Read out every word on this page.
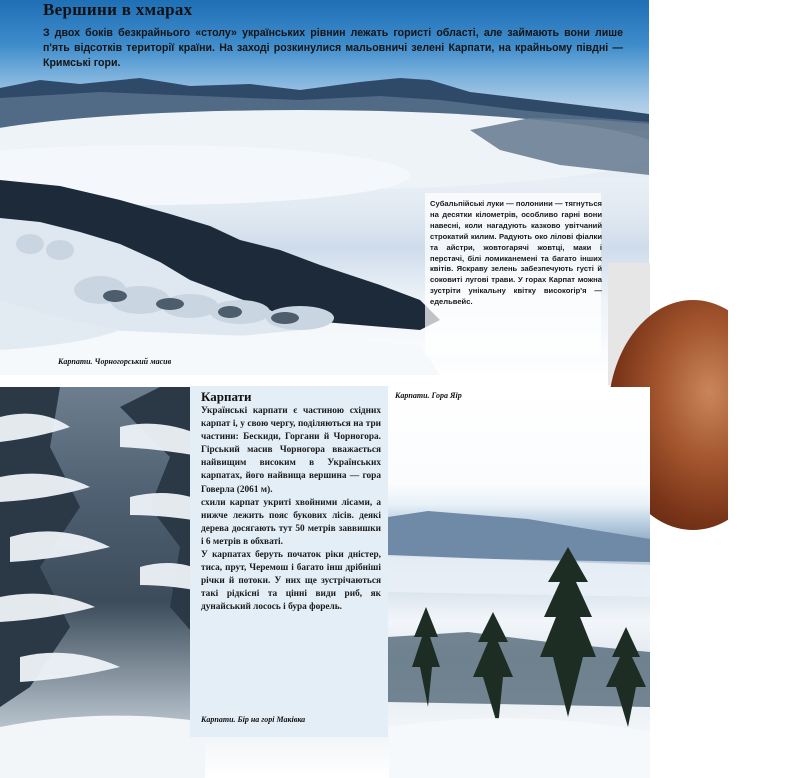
Вершини в хмарах
З двох боків безкрайнього «столу» українських рівнин лежать гористі області, але займають вони лише п'ять відсотків території країни. На заході розкинулися мальовничі зелені Карпати, на крайньому півдні — Кримські гори.
Карпати. Чорногорський масив
Субальпійські луки — полонини — тягнуться на десятки кілометрів, особливо гарні вони навесні, коли нагадують казково увітчаний строкатий килим. Радують око лілові фіалки та айстри, жовтогарячі жовтці, маки і перстачі, білі ломиканемені та багато інших квітів. Яскраву зелень забезпечують густі й соковиті лугові трави. У горах Карпат можна зустріти унікальну квітку високогір'я — едельвейс.
Карпати

Українські карпати є частиною східних карпат і, у свою чергу, поділяються на три частини: Бескиди, Горгани й Чорногора. Гірський масив Чорногора вважається найвищим високим в Українських карпатах, його найвища вершина — гора Говерла (2061 м).

схили карпат укриті хвойними лісами, а нижче лежить пояс букових лісів. деякі дерева досягають тут 50 метрів заввишки і 6 метрів в обхваті.

У карпатах беруть початок ріки дністер, тиса, прут, Черемош і багато інш дрібніші річки й потоки. У них ще зустрічаються такі рідкісні та цінні види риб, як дунайський лосось і бура форель.

Карпати. Бір на горі Маківка
Карпати. Гора Яїр
